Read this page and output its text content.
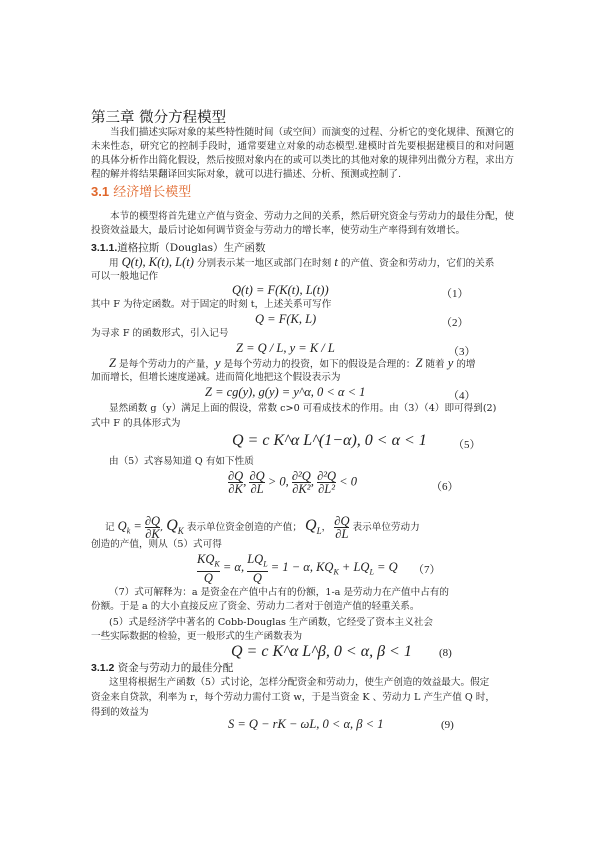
第三章 微分方程模型
当我们描述实际对象的某些特性随时间（或空间）而演变的过程、分析它的变化规律、预测它的未来性态，研究它的控制手段时，通常要建立对象的动态模型.建模时首先要根据建模目的和对问题的具体分析作出简化假设，然后按照对象内在的或可以类比的其他对象的规律列出微分方程，求出方程的解并将结果翻译回实际对象，就可以进行描述、分析、预测或控制了.
3.1 经济增长模型
本节的模型将首先建立产值与资金、劳动力之间的关系，然后研究资金与劳动力的最佳分配，使投资效益最大，最后讨论如何调节资金与劳动力的增长率，使劳动生产率得到有效增长。
3.1.1.道格拉斯（Douglas）生产函数
用 Q(t), K(t), L(t) 分别表示某一地区或部门在时刻 t 的产值、资金和劳动力，它们的关系
可以一般地记作
Q(t) = F(K(t), L(t))	（1）
其中 F 为待定函数。对于固定的时刻 t，上述关系可写作
Q = F(K, L)	（2）
为寻求 F 的函数形式，引入记号
Z = Q / L, y = K / L	（3）
Z 是每个劳动力的产量，y 是每个劳动力的投资，如下的假设是合理的：Z 随着 y 的增
加而增长，但增长速度递减。进而简化地把这个假设表示为
Z = cg(y), g(y) = y^α, 0 < α < 1	（4）
显然函数 g（y）满足上面的假设，常数 c>0 可看成技术的作用。由（3）（4）即可得到(2)
式中 F 的具体形式为
Q = c K^α L^(1−α), 0 < α < 1 （5）
由（5）式容易知道 Q 有如下性质
$\frac{\partial Q}{\partial K}$ , $\frac{\partial Q}{\partial L} > 0$, $\frac{\text{∂²Q}}{\text{∂K²}}$ , $\frac{\text{∂²Q}}{\text{∂L²}} < 0$	（6）
记 $Q_k = \frac{\partial Q}{\partial K}$ , $Q_K$ 表示单位资金创造的产值； $Q_L$， $\frac{\partial Q}{\partial L}$ 表示单位劳动力
创造的产值，则从（5）式可得
$\frac{KQ_K}{Q} = \alpha$, $\frac{LQ_L}{Q} = 1 - \alpha$, $KQ_K + LQ_L = Q$ （7）
（7）式可解释为：a 是资金在产值中占有的份额，1-a 是劳动力在产值中占有的
份额。于是 a 的大小直接反应了资金、劳动力二者对于创造产值的轻重关系。
(5）式是经济学中著名的 Cobb-Douglas 生产函数，它经受了资本主义社会
一些实际数据的检验，更一般形式的生产函数表为
Q = c K^α L^β, 0 < α, β < 1 (8)
3.1.2 资金与劳动力的最佳分配
这里将根据生产函数（5）式讨论，怎样分配资金和劳动力，使生产创造的效益最大。假定
资金来自贷款，利率为 r，每个劳动力需付工资 w，于是当资金 K 、劳动力 L 产生产值 Q 时，
得到的效益为
S = Q − rK − ωL, 0 < α, β < 1	(9)
